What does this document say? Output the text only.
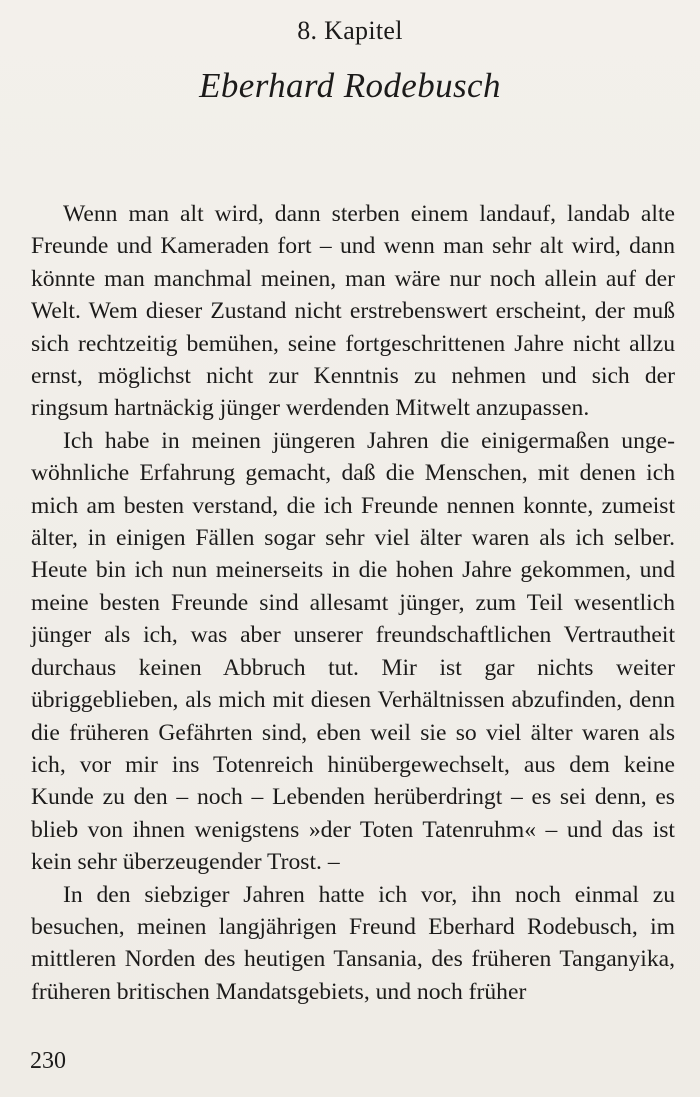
8. Kapitel
Eberhard Rodebusch

Wenn man alt wird, dann sterben einem landauf, landab alte Freunde und Kameraden fort – und wenn man sehr alt wird, dann könnte man manchmal meinen, man wäre nur noch allein auf der Welt. Wem dieser Zustand nicht erstrebenswert erscheint, der muß sich rechtzeitig bemühen, seine fortgeschrittenen Jahre nicht allzu ernst, möglichst nicht zur Kenntnis zu nehmen und sich der ringsum hartnäckig jünger werdenden Mitwelt anzupassen.

Ich habe in meinen jüngeren Jahren die einigermaßen ungewöhnliche Erfahrung gemacht, daß die Menschen, mit denen ich mich am besten verstand, die ich Freunde nennen konnte, zumeist älter, in einigen Fällen sogar sehr viel älter waren als ich selber. Heute bin ich nun meinerseits in die hohen Jahre gekommen, und meine besten Freunde sind allesamt jünger, zum Teil wesentlich jünger als ich, was aber unserer freundschaftlichen Vertrautheit durchaus keinen Abbruch tut. Mir ist gar nichts weiter übriggeblieben, als mich mit diesen Verhältnissen abzufinden, denn die früheren Gefährten sind, eben weil sie so viel älter waren als ich, vor mir ins Totenreich hinübergewechselt, aus dem keine Kunde zu den – noch – Lebenden herüberdringt – es sei denn, es blieb von ihnen wenigstens »der Toten Tatenruhm« – und das ist kein sehr überzeugender Trost. –

In den siebziger Jahren hatte ich vor, ihn noch einmal zu besuchen, meinen langjährigen Freund Eberhard Rodebusch, im mittleren Norden des heutigen Tansania, des früheren Tanganyika, früheren britischen Mandatsgebiets, und noch früher

230
